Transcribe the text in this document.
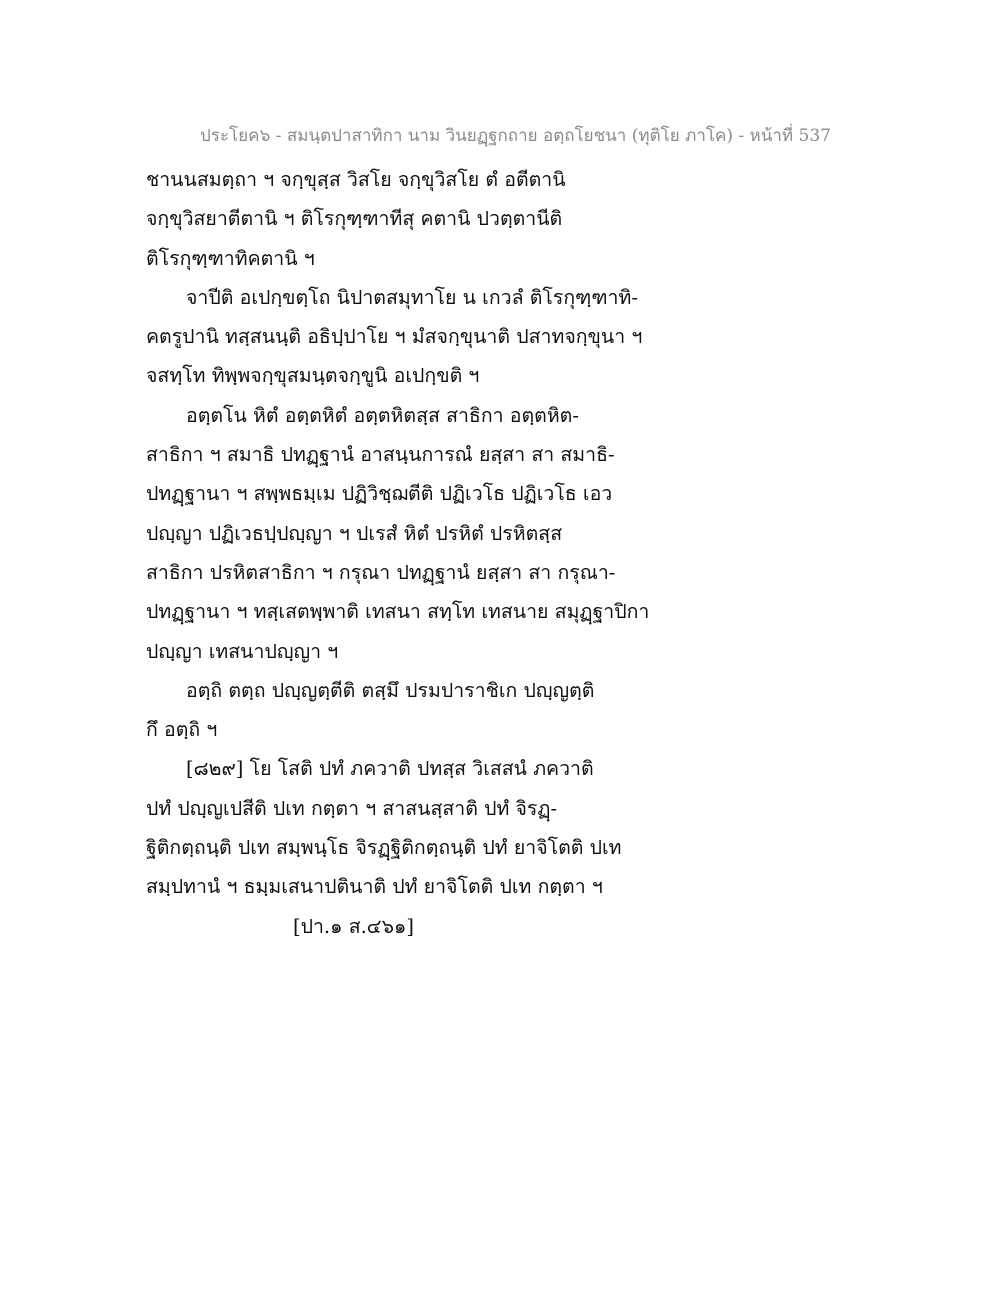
ประโยค๖ - สมนฺตปาสาทิกา นาม วินยฏฺฐกถาย อตฺถโยชนา (ทุติโย ภาโค) - หน้าที่ 537
ชานนสมตฺถา ฯ จกฺขุสฺส วิสโย จกฺขุวิสโย ตํ อตีตานิ
จกฺขุวิสยาตีตานิ ฯ ติโรกุฑฺฑาทีสุ คตานิ ปวตฺตานีติ
ติโรกุฑฺฑาทิคตานิ ฯ
จาปีติ อเปกฺขตฺโถ นิปาตสมุทาโย น เกวลํ ติโรกุฑฺฑาทิ-
คตรูปานิ ทสฺสนนฺติ อธิปฺปาโย ฯ มํสจกฺขุนาติ ปสาทจกฺขุนา ฯ
จสทฺโท ทิพฺพจกฺขุสมนฺตจกฺขูนิ อเปกฺขติ ฯ
อตฺตโน หิตํ อตฺตหิตํ อตฺตหิตสฺส สาธิกา อตฺตหิต-
สาธิกา ฯ สมาธิ ปทฏฺฐานํ อาสนฺนการณํ ยสฺสา สา สมาธิ-
ปทฏฺฐานา ฯ สพฺพธมฺเม ปฏิวิชฺฌตีติ ปฏิเวโธ ปฏิเวโธ เอว
ปญฺญา ปฏิเวธปฺปญฺญา ฯ ปเรสํ หิตํ ปรหิตํ ปรหิตสฺส
สาธิกา ปรหิตสาธิกา ฯ กรุณา ปทฏฺฐานํ ยสฺสา สา กรุณา-
ปทฏฺฐานา ฯ ทสฺเสตพฺพาติ เทสนา สทฺโท เทสนาย สมุฏฺฐาปิกา
ปญฺญา เทสนาปญฺญา ฯ
อตฺถิ ตตฺถ ปญฺญตฺตีติ ตสฺมึ ปรมปาราชิเก ปญฺญตฺติ
กึ อตฺถิ ฯ
[๘๒๙] โย โสติ ปทํ ภควาติ ปทสฺส วิเสสนํ ภควาติ
ปทํ ปญฺญเปสีติ ปเท กตฺตา ฯ สาสนสฺสาติ ปทํ จิรฏฺ-
ฐิติกตฺถนฺติ ปเท สมฺพนฺโธ จิรฏฺฐิติกตฺถนฺติ ปทํ ยาจิโตติ ปเท
สมฺปทานํ ฯ ธมฺมเสนาปตินาติ ปทํ ยาจิโตติ ปเท กตฺตา ฯ
[ปา.๑ ส.๔๖๑]
